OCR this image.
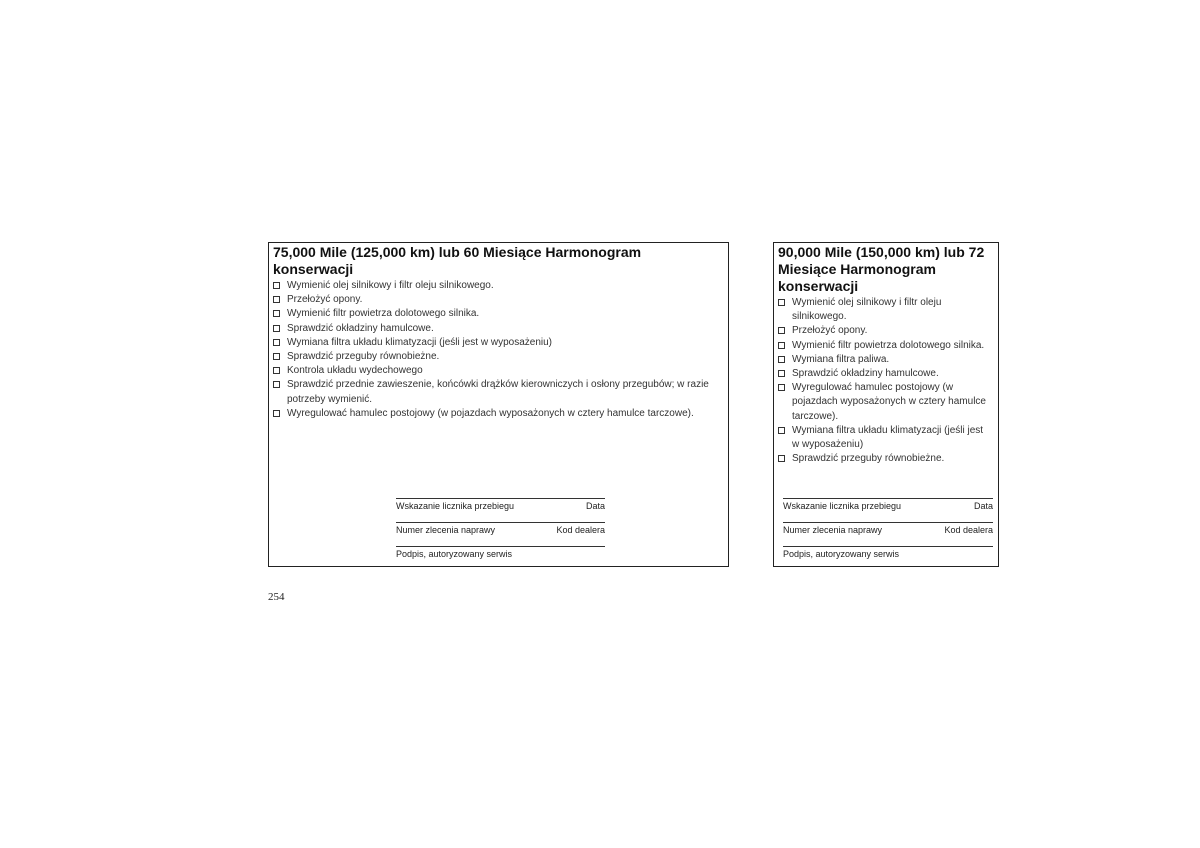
75,000 Mile (125,000 km) lub 60 Miesiące Harmonogram konserwacji
Wymienić olej silnikowy i filtr oleju silnikowego.
Przełożyć opony.
Wymienić filtr powietrza dolotowego silnika.
Sprawdzić okładziny hamulcowe.
Wymiana filtra układu klimatyzacji (jeśli jest w wyposażeniu)
Sprawdzić przeguby równobieżne.
Kontrola układu wydechowego
Sprawdzić przednie zawieszenie, końcówki drążków kierowniczych i osłony przegubów; w razie potrzeby wymienić.
Wyregulować hamulec postojowy (w pojazdach wyposażonych w cztery hamulce tarczowe).
Wskazanie licznika przebiegu	Data
Numer zlecenia naprawy	Kod dealera
Podpis, autoryzowany serwis
90,000 Mile (150,000 km) lub 72 Miesiące Harmonogram konserwacji
Wymienić olej silnikowy i filtr oleju silnikowego.
Przełożyć opony.
Wymienić filtr powietrza dolotowego silnika.
Wymiana filtra paliwa.
Sprawdzić okładziny hamulcowe.
Wyregulować hamulec postojowy (w pojazdach wyposażonych w cztery hamulce tarczowe).
Wymiana filtra układu klimatyzacji (jeśli jest w wyposażeniu)
Sprawdzić przeguby równobieżne.
Wskazanie licznika przebiegu	Data
Numer zlecenia naprawy	Kod dealera
Podpis, autoryzowany serwis
254
